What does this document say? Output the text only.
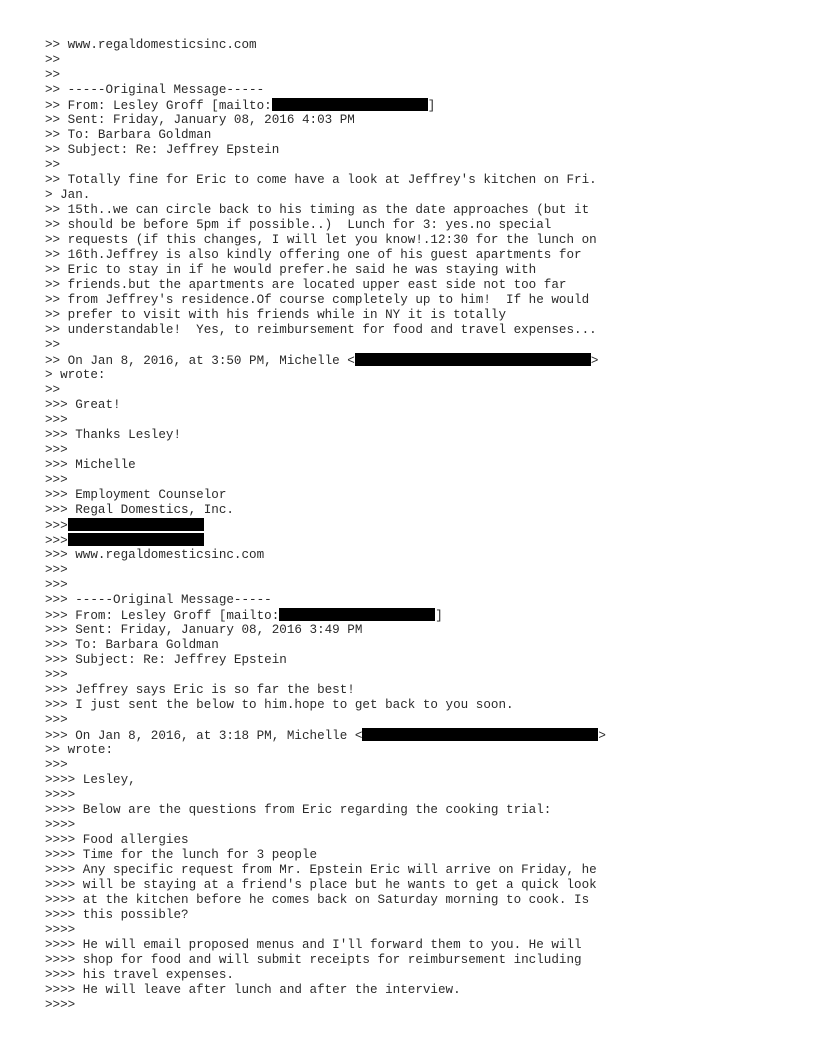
>> www.regaldomesticsinc.com
>>
>>
>> -----Original Message-----
>> From: Lesley Groff [mailto:	]
>> Sent: Friday, January 08, 2016 4:03 PM
>> To: Barbara Goldman
>> Subject: Re: Jeffrey Epstein
>>
>> Totally fine for Eric to come have a look at Jeffrey's kitchen on Fri.
> Jan.
>> 15th..we can circle back to his timing as the date approaches (but it
>> should be before 5pm if possible..)  Lunch for 3: yes.no special
>> requests (if this changes, I will let you know!.12:30 for the lunch on
>> 16th.Jeffrey is also kindly offering one of his guest apartments for
>> Eric to stay in if he would prefer.he said he was staying with
>> friends.but the apartments are located upper east side not too far
>> from Jeffrey's residence.Of course completely up to him!  If he would
>> prefer to visit with his friends while in NY it is totally
>> understandable!  Yes, to reimbursement for food and travel expenses...
>>
>> On Jan 8, 2016, at 3:50 PM, Michelle <	>
> wrote:
>>
>>> Great!
>>>
>>> Thanks Lesley!
>>>
>>> Michelle
>>>
>>> Employment Counselor
>>> Regal Domestics, Inc.
>>>
>>>
>>> www.regaldomesticsinc.com
>>>
>>>
>>> -----Original Message-----
>>> From: Lesley Groff [mailto:	]
>>> Sent: Friday, January 08, 2016 3:49 PM
>>> To: Barbara Goldman
>>> Subject: Re: Jeffrey Epstein
>>>
>>> Jeffrey says Eric is so far the best!
>>> I just sent the below to him.hope to get back to you soon.
>>>
>>> On Jan 8, 2016, at 3:18 PM, Michelle <	>
>> wrote:
>>>
>>>> Lesley,
>>>>
>>>> Below are the questions from Eric regarding the cooking trial:
>>>>
>>>> Food allergies
>>>> Time for the lunch for 3 people
>>>> Any specific request from Mr. Epstein Eric will arrive on Friday, he
>>>> will be staying at a friend's place but he wants to get a quick look
>>>> at the kitchen before he comes back on Saturday morning to cook. Is
>>>> this possible?
>>>>
>>>> He will email proposed menus and I'll forward them to you. He will
>>>> shop for food and will submit receipts for reimbursement including
>>>> his travel expenses.
>>>> He will leave after lunch and after the interview.
>>>>
